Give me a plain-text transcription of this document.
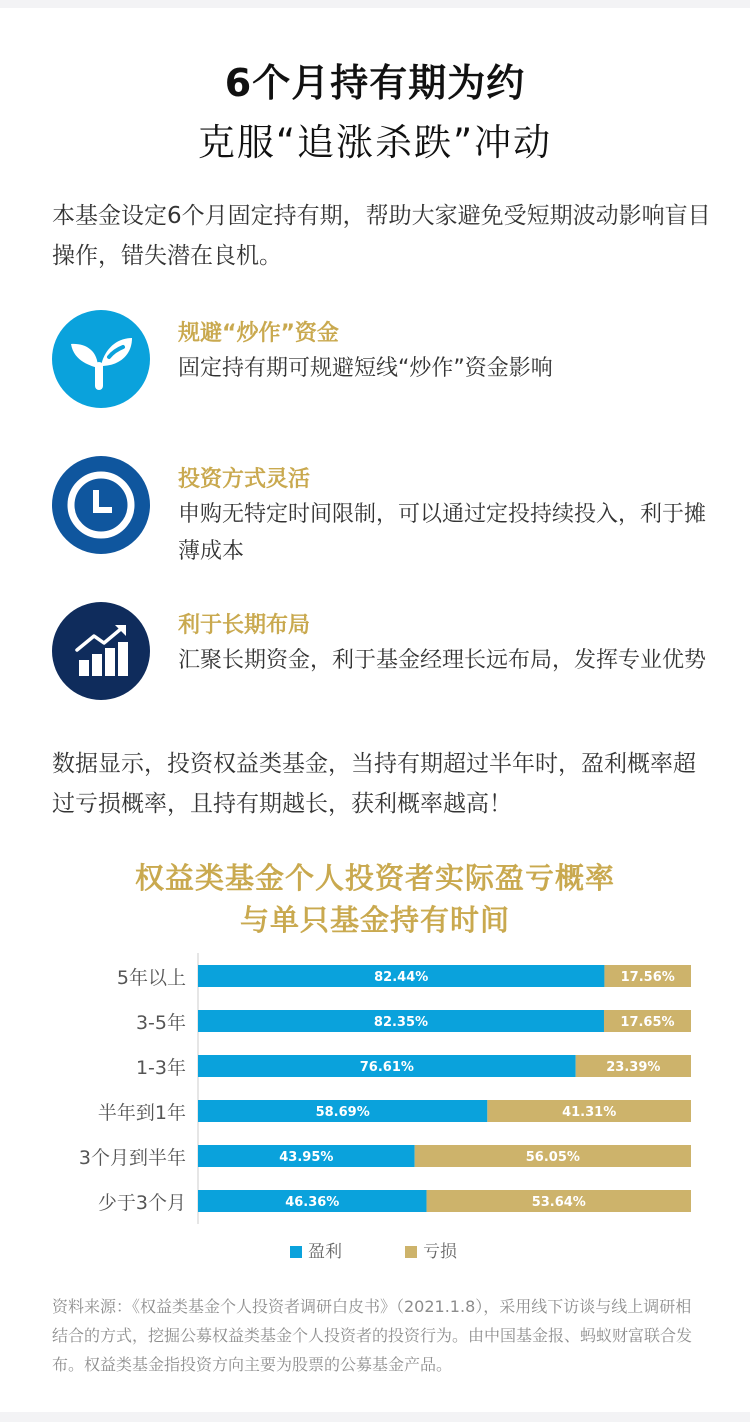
6个月持有期为约
克服“追涨杀跌”冲动

本基金设定6个月固定持有期，帮助大家避免受短期波动影响盲目操作，错失潜在良机。

规避“炒作”资金

固定持有期可规避短线“炒作”资金影响

投资方式灵活

申购无特定时间限制，可以通过定投持续投入，利于摊薄成本

利于长期布局

汇聚长期资金，利于基金经理长远布局，发挥专业优势

数据显示，投资权益类基金，当持有期超过半年时，盈利概率超过亏损概率，且持有期越长，获利概率越高！

权益类基金个人投资者实际盈亏概率
与单只基金持有时间
5年以上	82.44%	17.56%
3-5年	82.35%	17.65%
1-3年	76.61%	23.39%
半年到1年	58.69%	41.31%
3个月到半年	43.95%	56.05%
少于3个月	46.36%	53.64%
盈利	亏损

资料来源：《权益类基金个人投资者调研白皮书》（2021.1.8），采用线下访谈与线上调研相结合的方式，挖掘公募权益类基金个人投资者的投资行为。由中国基金报、蚂蚁财富联合发布。权益类基金指投资方向主要为股票的公募基金产品。
